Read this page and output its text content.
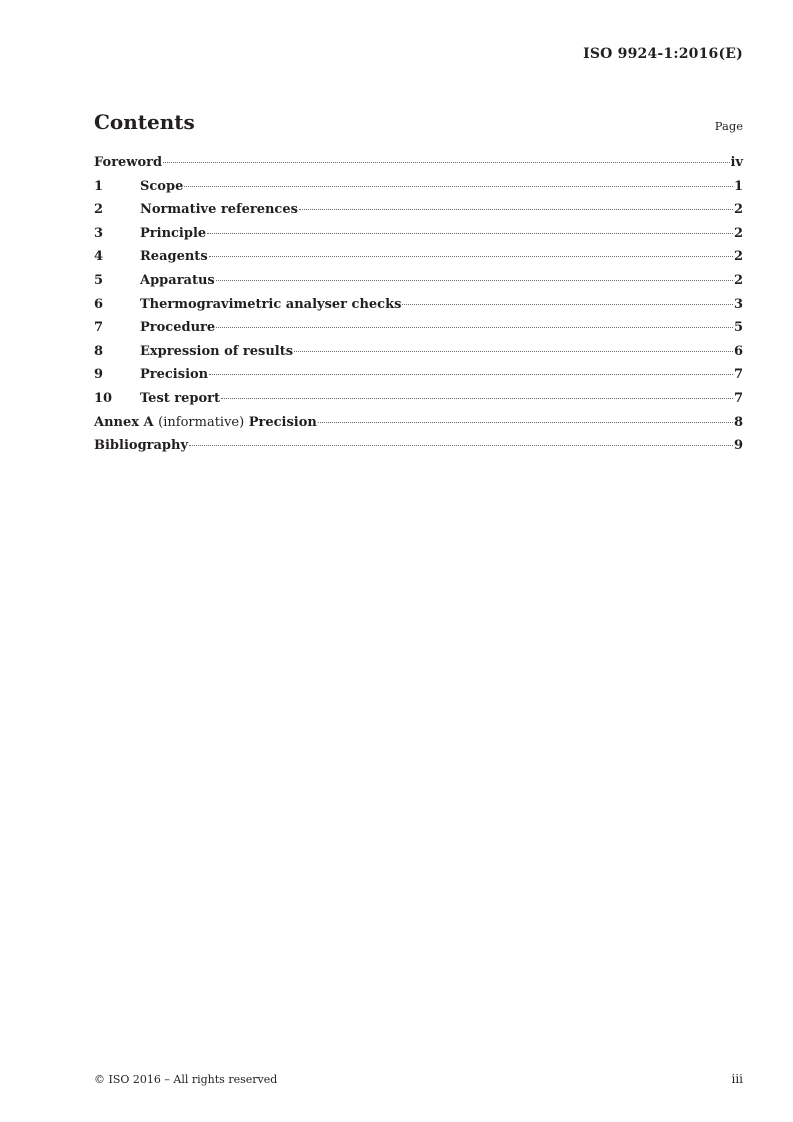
ISO 9924-1:2016(E)
Contents	Page
Foreword	iv
1	Scope	1
2	Normative references	2
3	Principle	2
4	Reagents	2
5	Apparatus	2
6	Thermogravimetric analyser checks	3
7	Procedure	5
8	Expression of results	6
9	Precision	7
10	Test report	7
Annex A (informative) Precision	8
Bibliography	9
© ISO 2016 – All rights reserved	iii
